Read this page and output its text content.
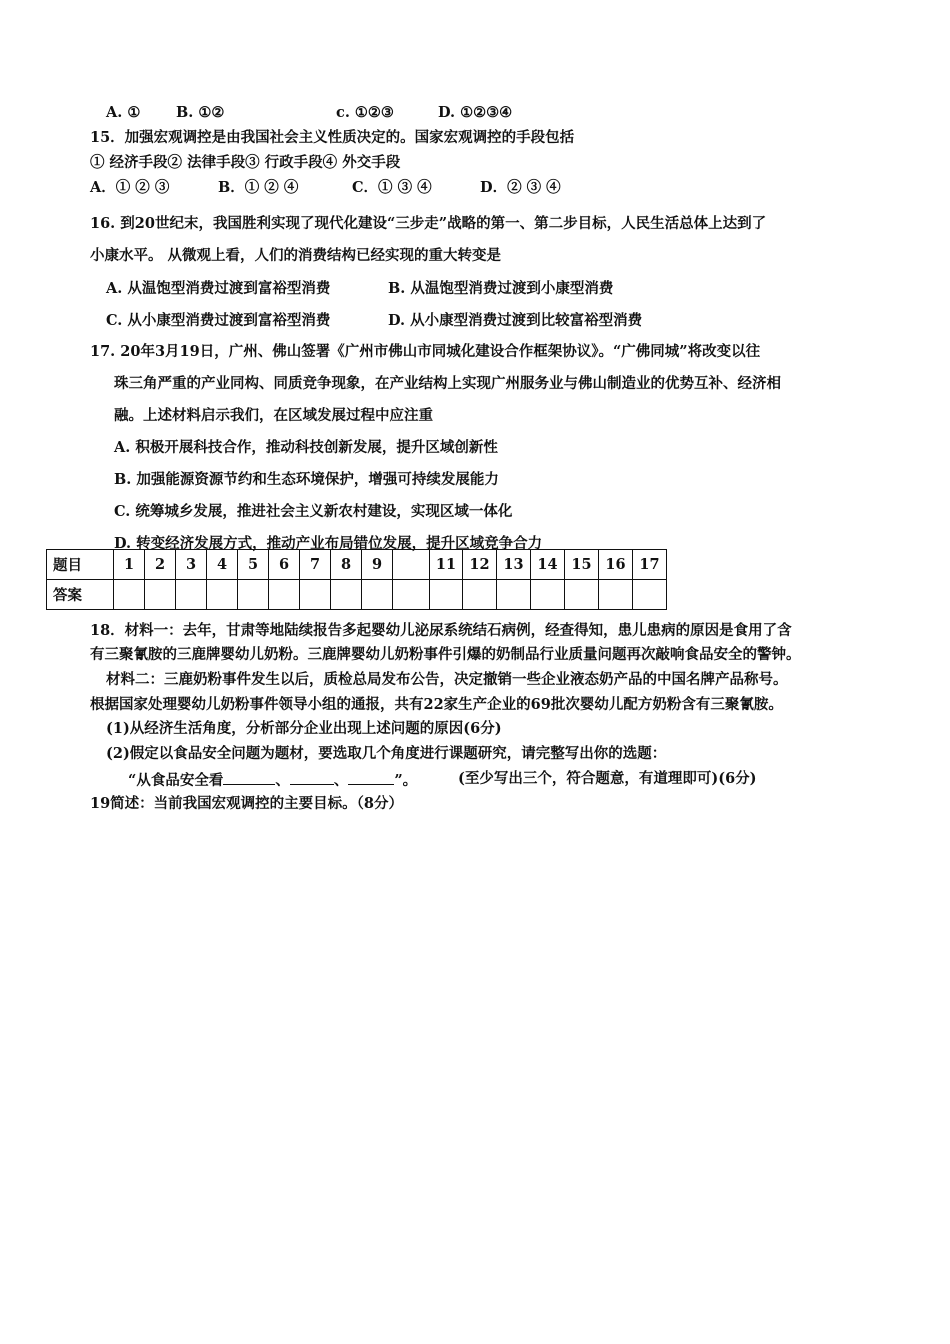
A. ① B. ①②	c. ①②③	D. ①②③④
15．加强宏观调控是由我国社会主义性质决定的。国家宏观调控的手段包括
① 经济手段② 法律手段③ 行政手段④ 外交手段
A．① ② ③	B．① ② ④	C．① ③ ④	D．② ③ ④
16. 到20世纪末，我国胜利实现了现代化建设“三步走”战略的第一、第二步目标，人民生活总体上达到了
小康水平。 从微观上看，人们的消费结构已经实现的重大转变是
A. 从温饱型消费过渡到富裕型消费	B. 从温饱型消费过渡到小康型消费
C. 从小康型消费过渡到富裕型消费	D. 从小康型消费过渡到比较富裕型消费
17. 20年3月19日，广州、佛山签署《广州市佛山市同城化建设合作框架协议》。“广佛同城”将改变以往
珠三角严重的产业同构、同质竞争现象，在产业结构上实现广州服务业与佛山制造业的优势互补、经济相
融。上述材料启示我们，在区域发展过程中应注重
A. 积极开展科技合作，推动科技创新发展，提升区域创新性
B. 加强能源资源节约和生态环境保护，增强可持续发展能力
C. 统筹城乡发展，推进社会主义新农村建设，实现区域一体化
D. 转变经济发展方式，推动产业布局错位发展，提升区域竞争合力
题目	1	2	3	4	5	6	7	8	9		11	12	13	14	15	16	17
答案																	
18．材料一：去年，甘肃等地陆续报告多起婴幼儿泌尿系统结石病例，经查得知，患儿患病的原因是食用了含
有三聚氰胺的三鹿牌婴幼儿奶粉。三鹿牌婴幼儿奶粉事件引爆的奶制品行业质量问题再次敲响食品安全的警钟。
材料二：三鹿奶粉事件发生以后，质检总局发布公告，决定撤销一些企业液态奶产品的中国名牌产品称号。
根据国家处理婴幼儿奶粉事件领导小组的通报，共有22家生产企业的69批次婴幼儿配方奶粉含有三聚氰胺。
(1)从经济生活角度，分析部分企业出现上述问题的原因(6分)
(2)假定以食品安全问题为题材，要选取几个角度进行课题研究，请完整写出你的选题：
“从食品安全看	、	、	”。	(至少写出三个，符合题意，有道理即可)(6分)
19简述：当前我国宏观调控的主要目标。（8分）
